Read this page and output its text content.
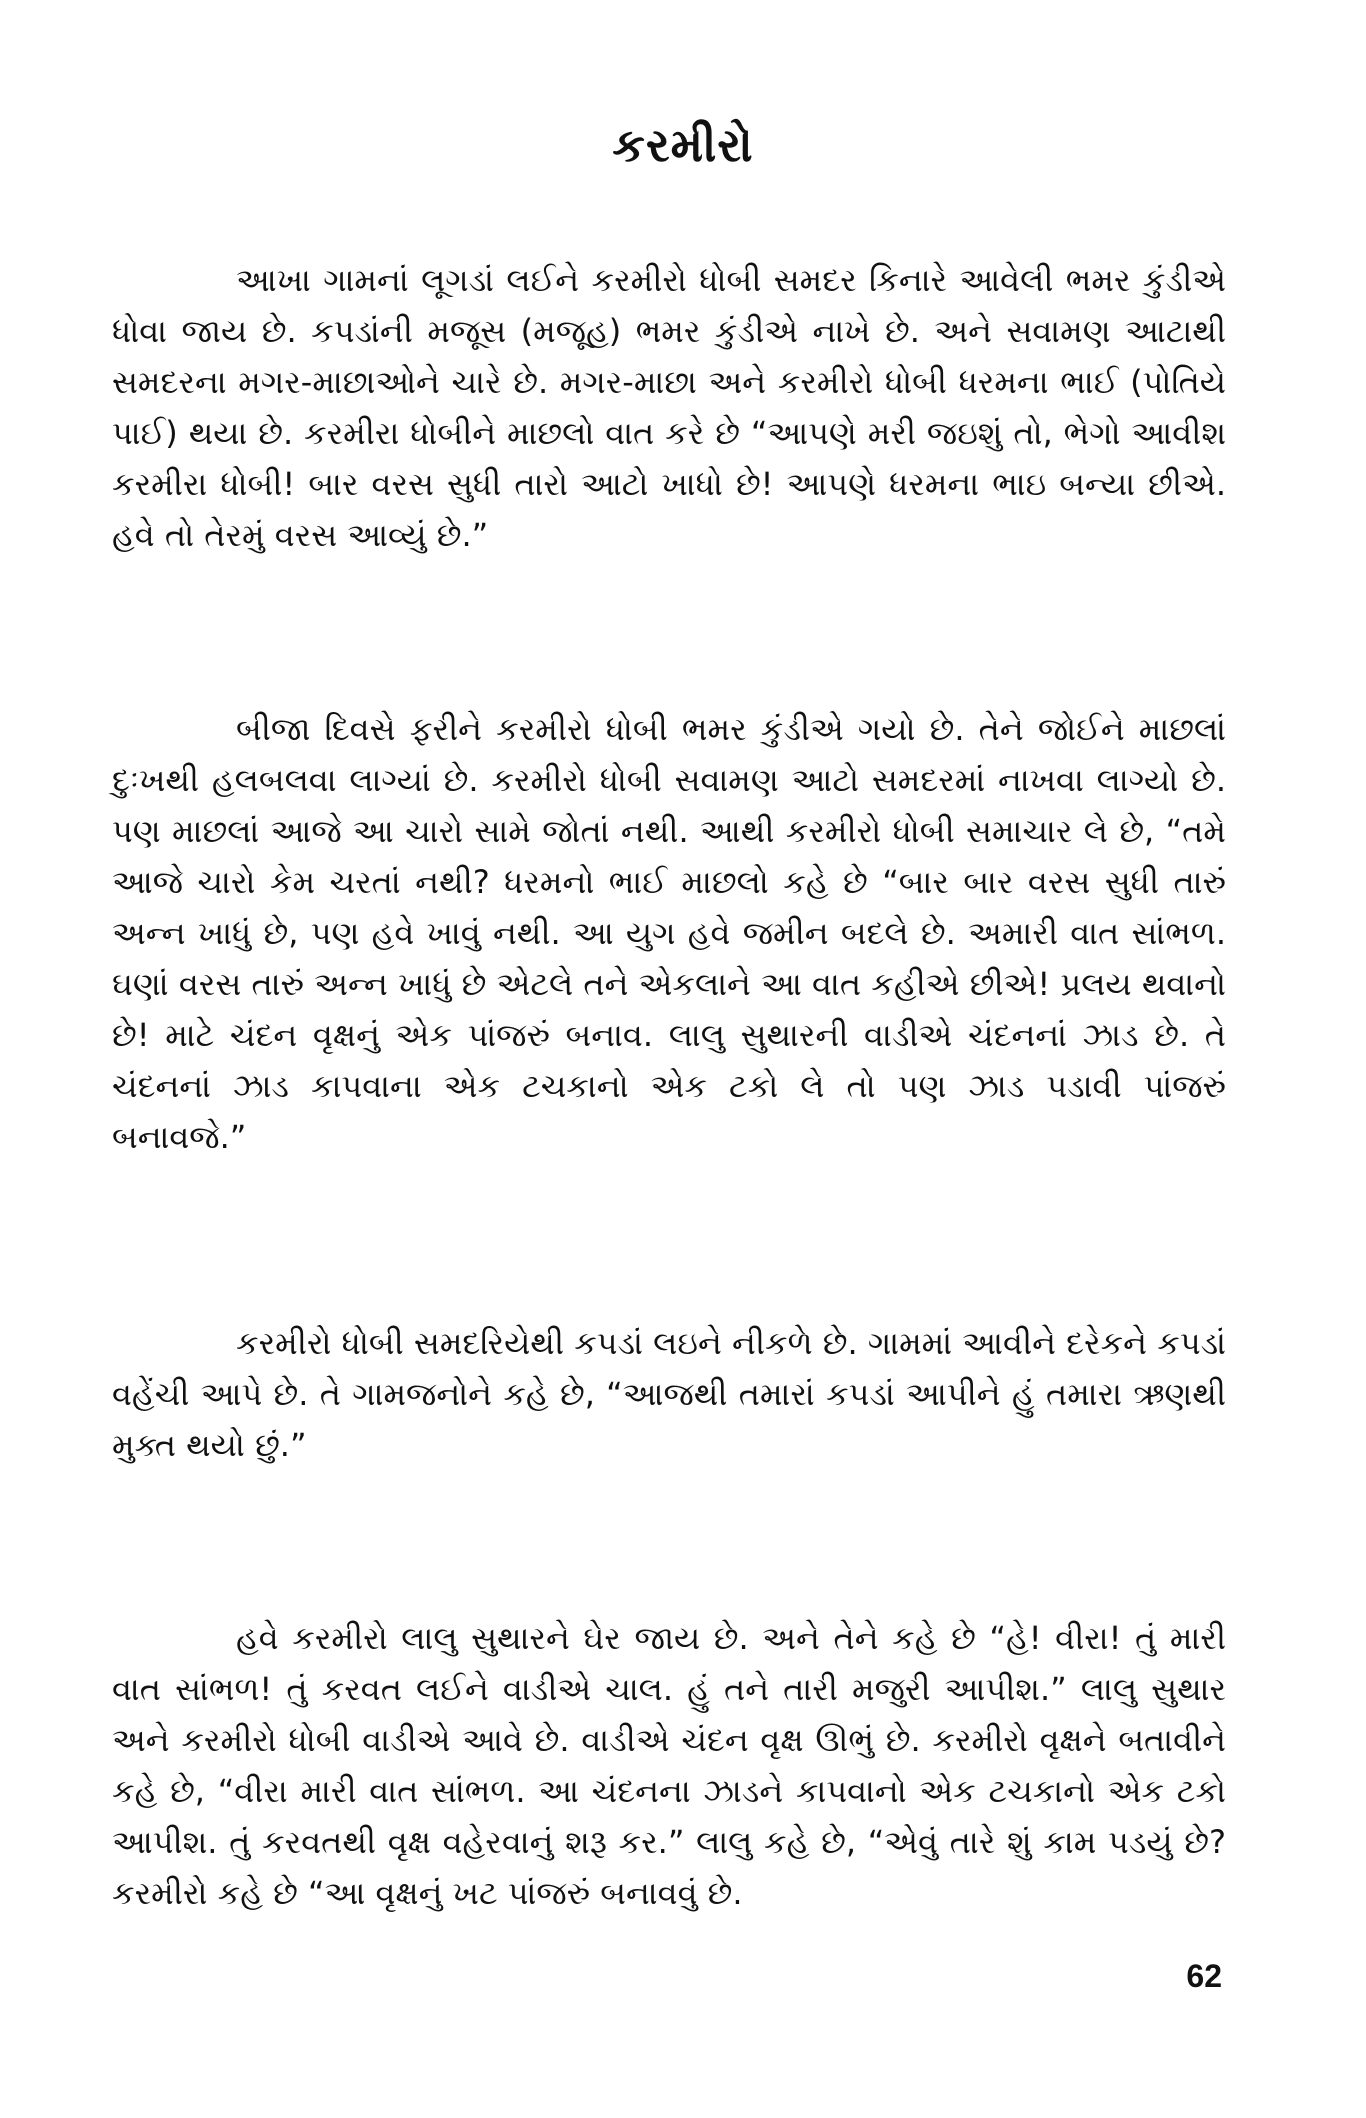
કરમીરો

આખા ગામનાં લૂગડાં લઈને કરમીરો ધોબી સમદર કિનારે આવેલી ભમર કુંડીએ ધોવા જાય છે. કપડાંની મજૂસ (મજૂહ) ભમર કુંડીએ નાખે છે. અને સવામણ આટાથી સમદરના મગર-માછાઓને ચારે છે. મગર-માછા અને કરમીરો ધોબી ધરમના ભાઈ (પોતિયે પાઈ) થયા છે. કરમીરા ધોબીને માછલો વાત કરે છે “આપણે મરી જઇશું તો, ભેગો આવીશ કરમીરા ધોબી! બાર વરસ સુધી તારો આટો ખાધો છે! આપણે ધરમના ભાઇ બન્યા છીએ. હવે તો તેરમું વરસ આવ્યું છે.”

બીજા દિવસે ફરીને કરમીરો ધોબી ભમર કુંડીએ ગયો છે. તેને જોઈને માછલાં દુઃખથી હલબલવા લાગ્યાં છે. કરમીરો ધોબી સવામણ આટો સમદરમાં નાખવા લાગ્યો છે. પણ માછલાં આજે આ ચારો સામે જોતાં નથી. આથી કરમીરો ધોબી સમાચાર લે છે, “તમે આજે ચારો કેમ ચરતાં નથી? ધરમનો ભાઈ માછલો કહે છે “બાર બાર વરસ સુધી તારું અન્ન ખાધું છે, પણ હવે ખાવું નથી. આ યુગ હવે જમીન બદલે છે. અમારી વાત સાંભળ. ઘણાં વરસ તારું અન્ન ખાધું છે એટલે તને એકલાને આ વાત કહીએ છીએ! પ્રલય થવાનો છે! માટે ચંદન વૃક્ષનું એક પાંજરું બનાવ. લાલુ સુથારની વાડીએ ચંદનનાં ઝાડ છે. તે ચંદનનાં ઝાડ કાપવાના એક ટચકાનો એક ટકો લે તો પણ ઝાડ પડાવી પાંજરું બનાવજે.”

કરમીરો ધોબી સમદરિયેથી કપડાં લઇને નીકળે છે. ગામમાં આવીને દરેકને કપડાં વહેંચી આપે છે. તે ગામજનોને કહે છે, “આજથી તમારાં કપડાં આપીને હું તમારા ઋણથી મુક્ત થયો છું.”

હવે કરમીરો લાલુ સુથારને ઘેર જાય છે. અને તેને કહે છે “હે! વીરા! તું મારી વાત સાંભળ! તું કરવત લઈને વાડીએ ચાલ. હું તને તારી મજુરી આપીશ.” લાલુ સુથાર અને કરમીરો ધોબી વાડીએ આવે છે. વાડીએ ચંદન વૃક્ષ ઊભું છે. કરમીરો વૃક્ષને બતાવીને કહે છે, “વીરા મારી વાત સાંભળ. આ ચંદનના ઝાડને કાપવાનો એક ટચકાનો એક ટકો આપીશ. તું કરવતથી વૃક્ષ વહેરવાનું શરૂ કર.” લાલુ કહે છે, “એવું તારે શું કામ પડયું છે? કરમીરો કહે છે “આ વૃક્ષનું ખટ પાંજરું બનાવવું છે.

62
